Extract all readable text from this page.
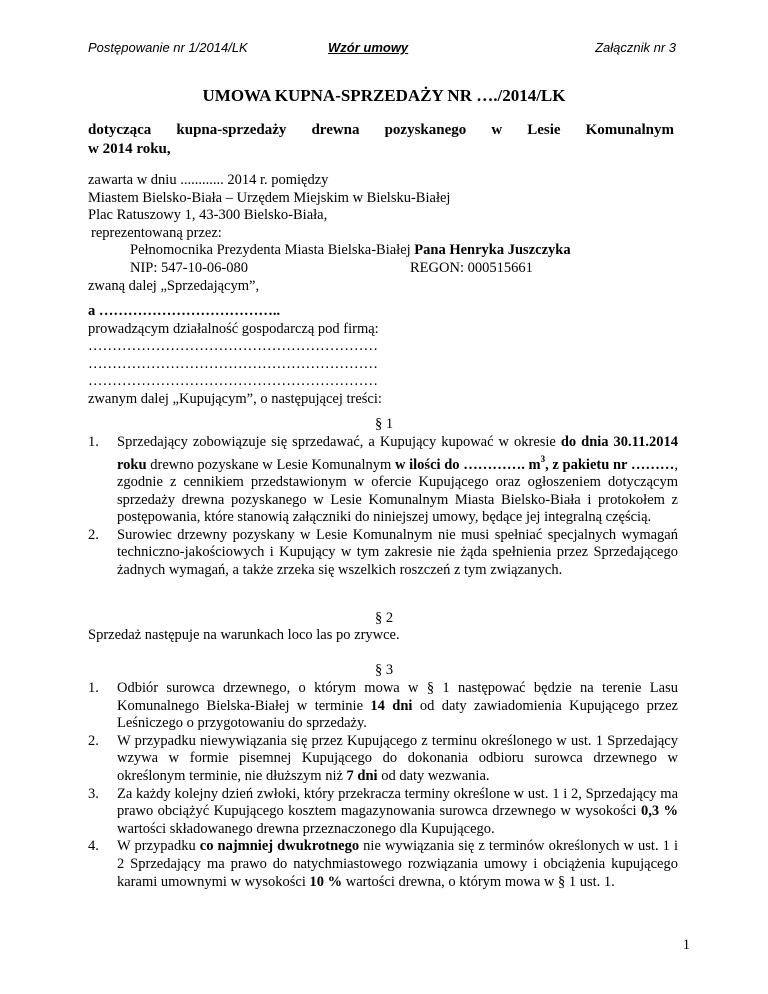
Postępowanie nr 1/2014/LK	Wzór umowy	Załącznik nr 3
UMOWA KUPNA-SPRZEDAŻY NR …./2014/LK
dotycząca kupna-sprzedaży drewna pozyskanego w Lesie Komunalnym
w 2014 roku,

zawarta w dniu ............ 2014 r. pomiędzy

Miastem Bielsko-Biała – Urzędem Miejskim w Bielsku-Białej

Plac Ratuszowy 1, 43-300 Bielsko-Biała,

reprezentowaną przez:

Pełnomocnika Prezydenta Miasta Bielska-Białej Pana Henryka Juszczyka

NIP: 547-10-06-080	REGON: 000515661

zwaną dalej „Sprzedającym”,

a ………………………………..

prowadzącym działalność gospodarczą pod firmą:

……………………………………………………

……………………………………………………

……………………………………………………

zwanym dalej „Kupującym”, o następującej treści:

§ 1

1. Sprzedający zobowiązuje się sprzedawać, a Kupujący kupować w okresie do dnia 30.11.2014 roku drewno pozyskane w Lesie Komunalnym w ilości do …………. $m^3$, z pakietu nr ………, zgodnie z cennikiem przedstawionym w ofercie Kupującego oraz ogłoszeniem dotyczącym sprzedaży drewna pozyskanego w Lesie Komunalnym Miasta Bielsko-Biała i protokołem z postępowania, które stanowią załączniki do niniejszej umowy, będące jej integralną częścią.

2. Surowiec drzewny pozyskany w Lesie Komunalnym nie musi spełniać specjalnych wymagań techniczno-jakościowych i Kupujący w tym zakresie nie żąda spełnienia przez Sprzedającego żadnych wymagań, a także zrzeka się wszelkich roszczeń z tym związanych.

§ 2
Sprzedaż następuje na warunkach loco las po zrywce.
§ 3

1. Odbiór surowca drzewnego, o którym mowa w § 1 następować będzie na terenie Lasu Komunalnego Bielska-Białej w terminie 14 dni od daty zawiadomienia Kupującego przez Leśniczego o przygotowaniu do sprzedaży.

2. W przypadku niewywiązania się przez Kupującego z terminu określonego w ust. 1 Sprzedający wzywa w formie pisemnej Kupującego do dokonania odbioru surowca drzewnego w określonym terminie, nie dłuższym niż 7 dni od daty wezwania.

3. Za każdy kolejny dzień zwłoki, który przekracza terminy określone w ust. 1 i 2, Sprzedający ma prawo obciążyć Kupującego kosztem magazynowania surowca drzewnego w wysokości 0,3 % wartości składowanego drewna przeznaczonego dla Kupującego.

4. W przypadku co najmniej dwukrotnego nie wywiązania się z terminów określonych w ust. 1 i 2 Sprzedający ma prawo do natychmiastowego rozwiązania umowy i obciążenia kupującego karami umownymi w wysokości 10 % wartości drewna, o którym mowa w § 1 ust. 1.

1
